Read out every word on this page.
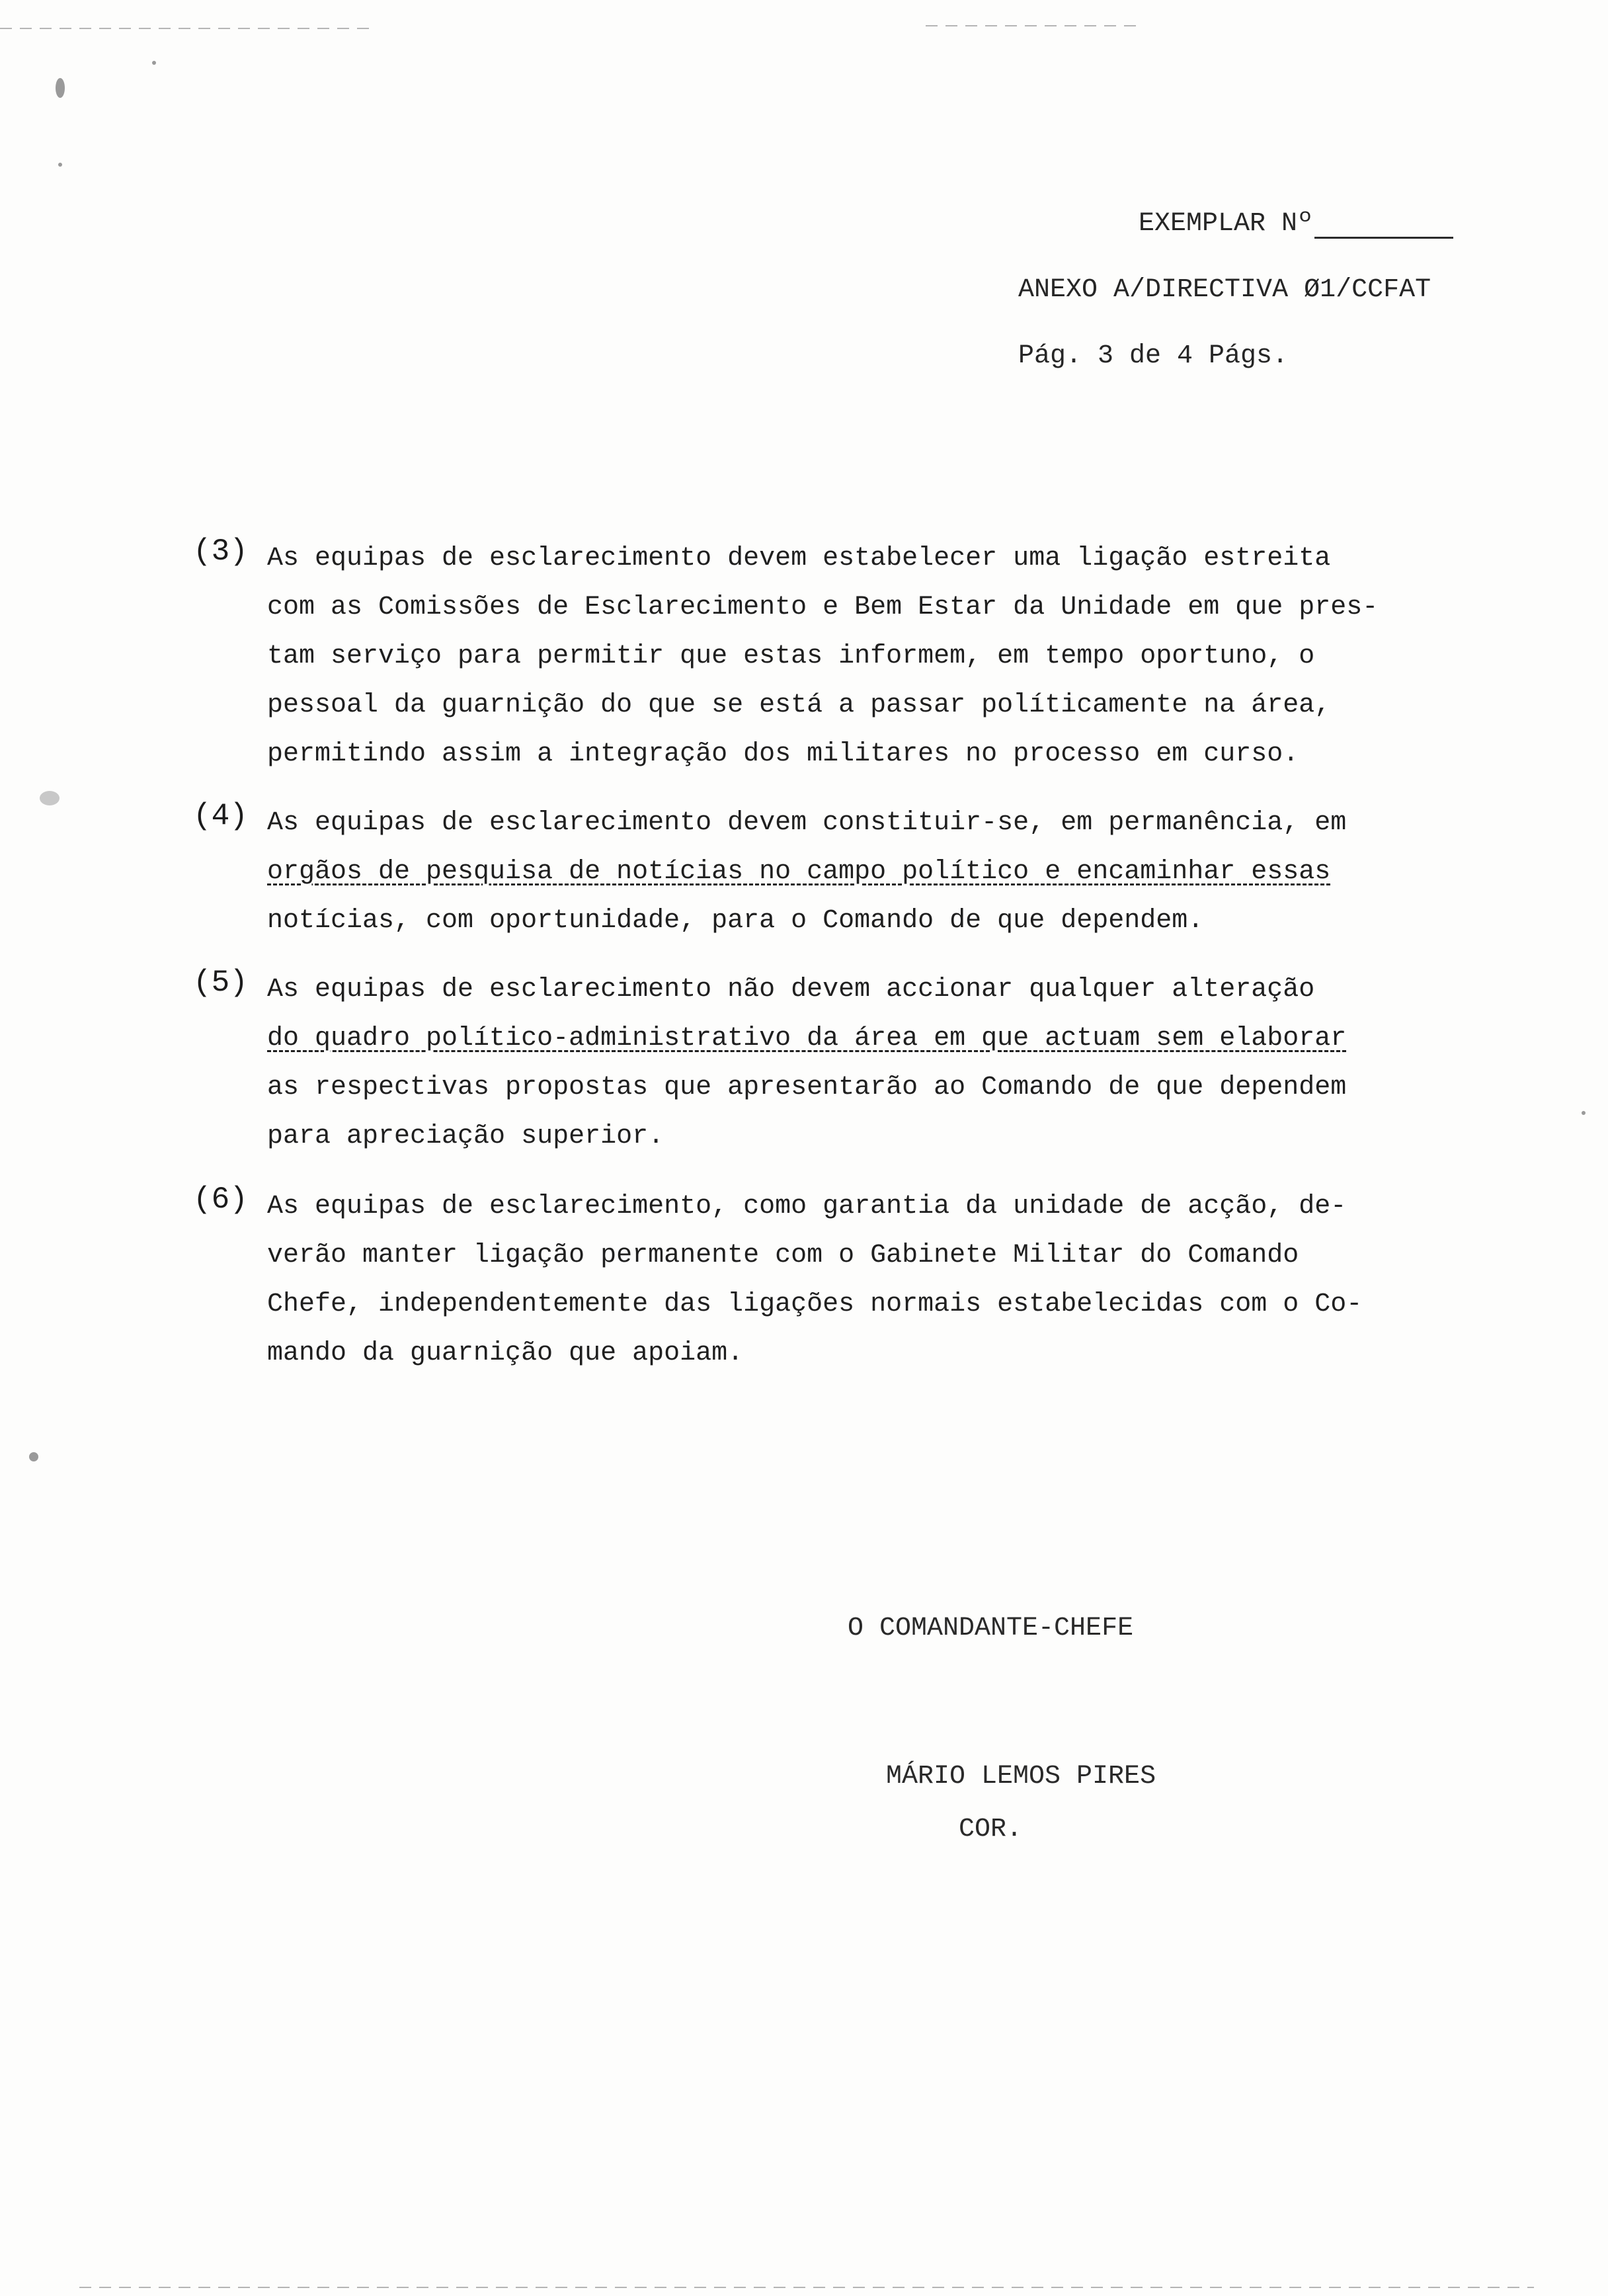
EXEMPLAR Nº
ANEXO A/DIRECTIVA Ø1/CCFAT
Pág. 3 de 4 Págs.
(3) As equipas de esclarecimento devem estabelecer uma ligação estreita
com as Comissões de Esclarecimento e Bem Estar da Unidade em que pres-
tam serviço para permitir que estas informem, em tempo oportuno, o
pessoal da guarnição do que se está a passar políticamente na área,
permitindo assim a integração dos militares no processo em curso.
(4) As equipas de esclarecimento devem constituir-se, em permanência, em
orgãos de pesquisa de notícias no campo político e encaminhar essas
notícias, com oportunidade, para o Comando de que dependem.
(5) As equipas de esclarecimento não devem accionar qualquer alteração
do quadro político-administrativo da área em que actuam sem elaborar
as respectivas propostas que apresentarão ao Comando de que dependem
para apreciação superior.
(6) As equipas de esclarecimento, como garantia da unidade de acção, de-
verão manter ligação permanente com o Gabinete Militar do Comando
Chefe, independentemente das ligações normais estabelecidas com o Co-
mando da guarnição que apoiam.
O COMANDANTE-CHEFE
MÁRIO LEMOS PIRES
COR.
